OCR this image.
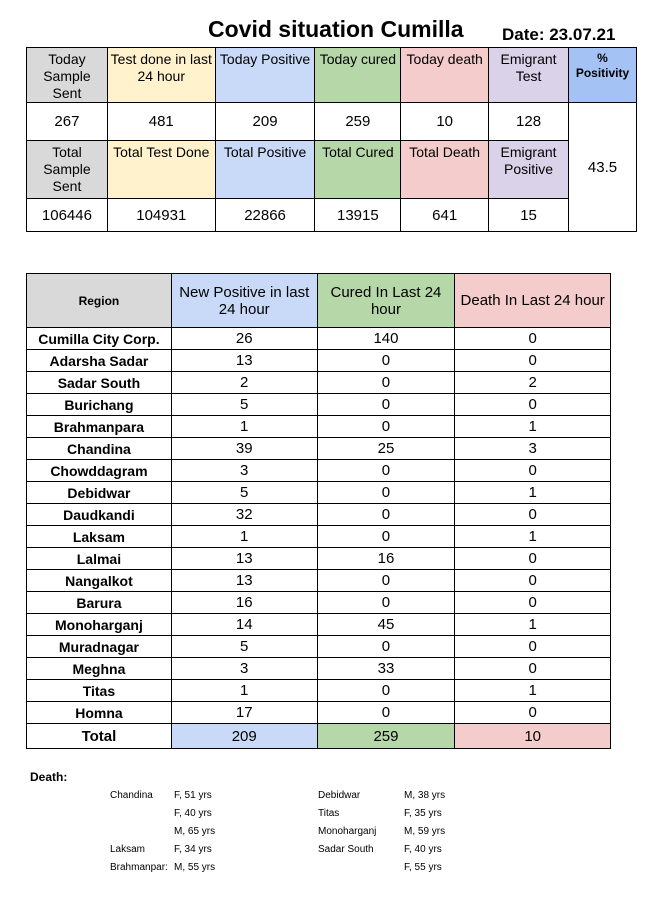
Covid situation Cumilla Date: 23.07.21
Today Sample Sent	Test done in last 24 hour	Today Positive	Today cured	Today death	Emigrant Test	% Positivity
267	481	209	259	10	128	43.5
Total Sample Sent	Total Test Done	Total Positive	Total Cured	Total Death	Emigrant Positive	
106446	104931	22866	13915	641	15	
Region	New Positive in last 24 hour	Cured In Last 24 hour	Death In Last 24 hour
Cumilla City Corp.	26	140	0
Adarsha Sadar	13	0	0
Sadar South	2	0	2
Burichang	5	0	0
Brahmanpara	1	0	1
Chandina	39	25	3
Chowddagram	3	0	0
Debidwar	5	0	1
Daudkandi	32	0	0
Laksam	1	0	1
Lalmai	13	16	0
Nangalkot	13	0	0
Barura	16	0	0
Monoharganj	14	45	1
Muradnagar	5	0	0
Meghna	3	33	0
Titas	1	0	1
Homna	17	0	0
Total	209	259	10
Death:
Chandina F, 51 yrs
F, 40 yrs
M, 65 yrs
Laksam	F, 34 yrs
Brahmanpar: M, 55 yrs
Debidwar	M, 38 yrs
Titas	F, 35 yrs
Monoharganj	M, 59 yrs
Sadar South	F, 40 yrs
F, 55 yrs
